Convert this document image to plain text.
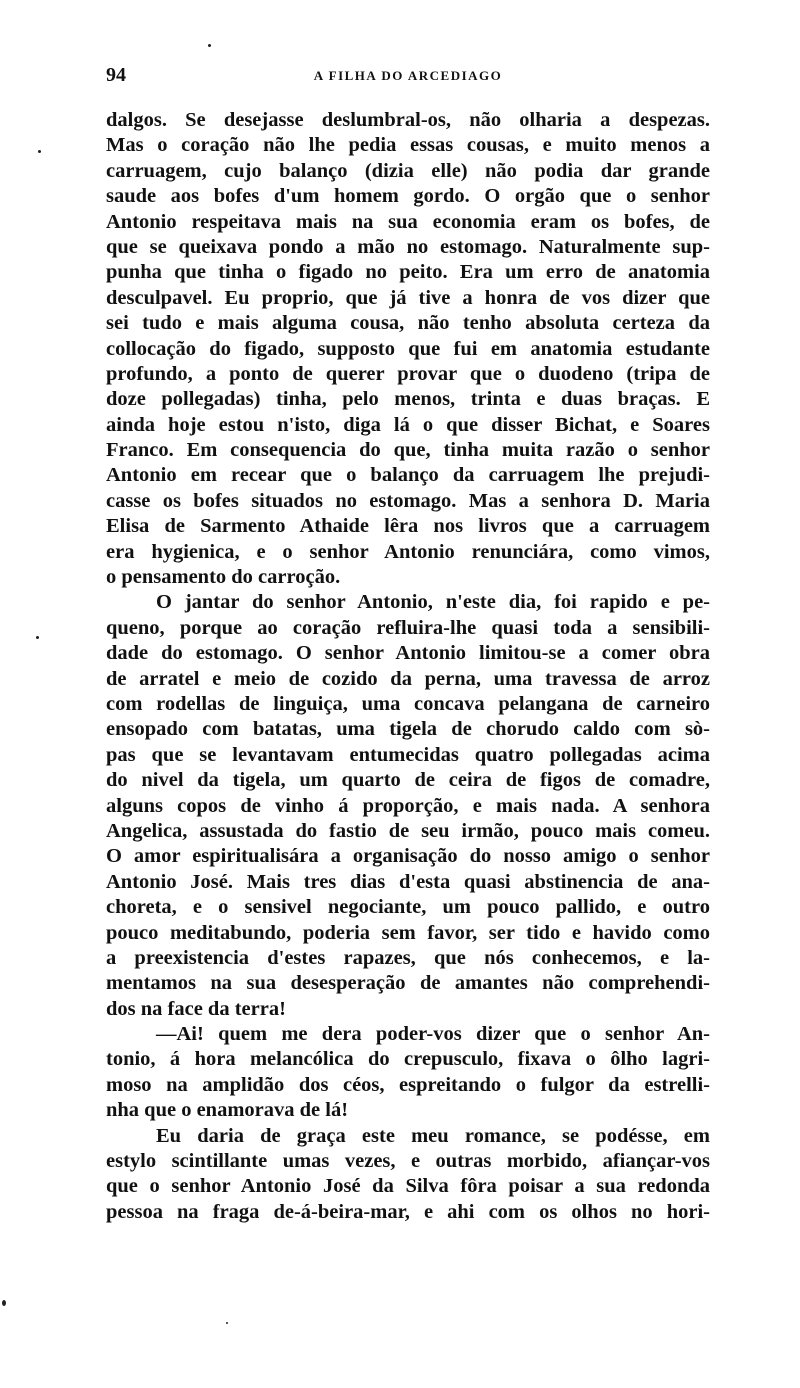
94	A FILHA DO ARCEDIAGO
dalgos. Se desejasse deslumbral-os, não olharia a despezas.
Mas o coração não lhe pedia essas cousas, e muito menos a
carruagem, cujo balanço (dizia elle) não podia dar grande
saude aos bofes d'um homem gordo. O orgão que o senhor
Antonio respeitava mais na sua economia eram os bofes, de
que se queixava pondo a mão no estomago. Naturalmente sup-
punha que tinha o figado no peito. Era um erro de anatomia
desculpavel. Eu proprio, que já tive a honra de vos dizer que
sei tudo e mais alguma cousa, não tenho absoluta certeza da
collocação do figado, supposto que fui em anatomia estudante
profundo, a ponto de querer provar que o duodeno (tripa de
doze pollegadas) tinha, pelo menos, trinta e duas braças. E
ainda hoje estou n'isto, diga lá o que disser Bichat, e Soares
Franco. Em consequencia do que, tinha muita razão o senhor
Antonio em recear que o balanço da carruagem lhe prejudi-
casse os bofes situados no estomago. Mas a senhora D. Maria
Elisa de Sarmento Athaide lêra nos livros que a carruagem
era hygienica, e o senhor Antonio renunciára, como vimos,
o pensamento do carroção.
O jantar do senhor Antonio, n'este dia, foi rapido e pe-
queno, porque ao coração refluira-lhe quasi toda a sensibili-
dade do estomago. O senhor Antonio limitou-se a comer obra
de arratel e meio de cozido da perna, uma travessa de arroz
com rodellas de linguiça, uma concava pelangana de carneiro
ensopado com batatas, uma tigela de chorudo caldo com sò-
pas que se levantavam entumecidas quatro pollegadas acima
do nivel da tigela, um quarto de ceira de figos de comadre,
alguns copos de vinho á proporção, e mais nada. A senhora
Angelica, assustada do fastio de seu irmão, pouco mais comeu.
O amor espiritualisára a organisação do nosso amigo o senhor
Antonio José. Mais tres dias d'esta quasi abstinencia de ana-
choreta, e o sensivel negociante, um pouco pallido, e outro
pouco meditabundo, poderia sem favor, ser tido e havido como
a preexistencia d'estes rapazes, que nós conhecemos, e la-
mentamos na sua desesperação de amantes não comprehendi-
dos na face da terra!
—Ai! quem me dera poder-vos dizer que o senhor An-
tonio, á hora melancólica do crepusculo, fixava o ôlho lagri-
moso na amplidão dos céos, espreitando o fulgor da estrelli-
nha que o enamorava de lá!
Eu daria de graça este meu romance, se podésse, em
estylo scintillante umas vezes, e outras morbido, afiançar-vos
que o senhor Antonio José da Silva fôra poisar a sua redonda
pessoa na fraga de-á-beira-mar, e ahi com os olhos no hori-
